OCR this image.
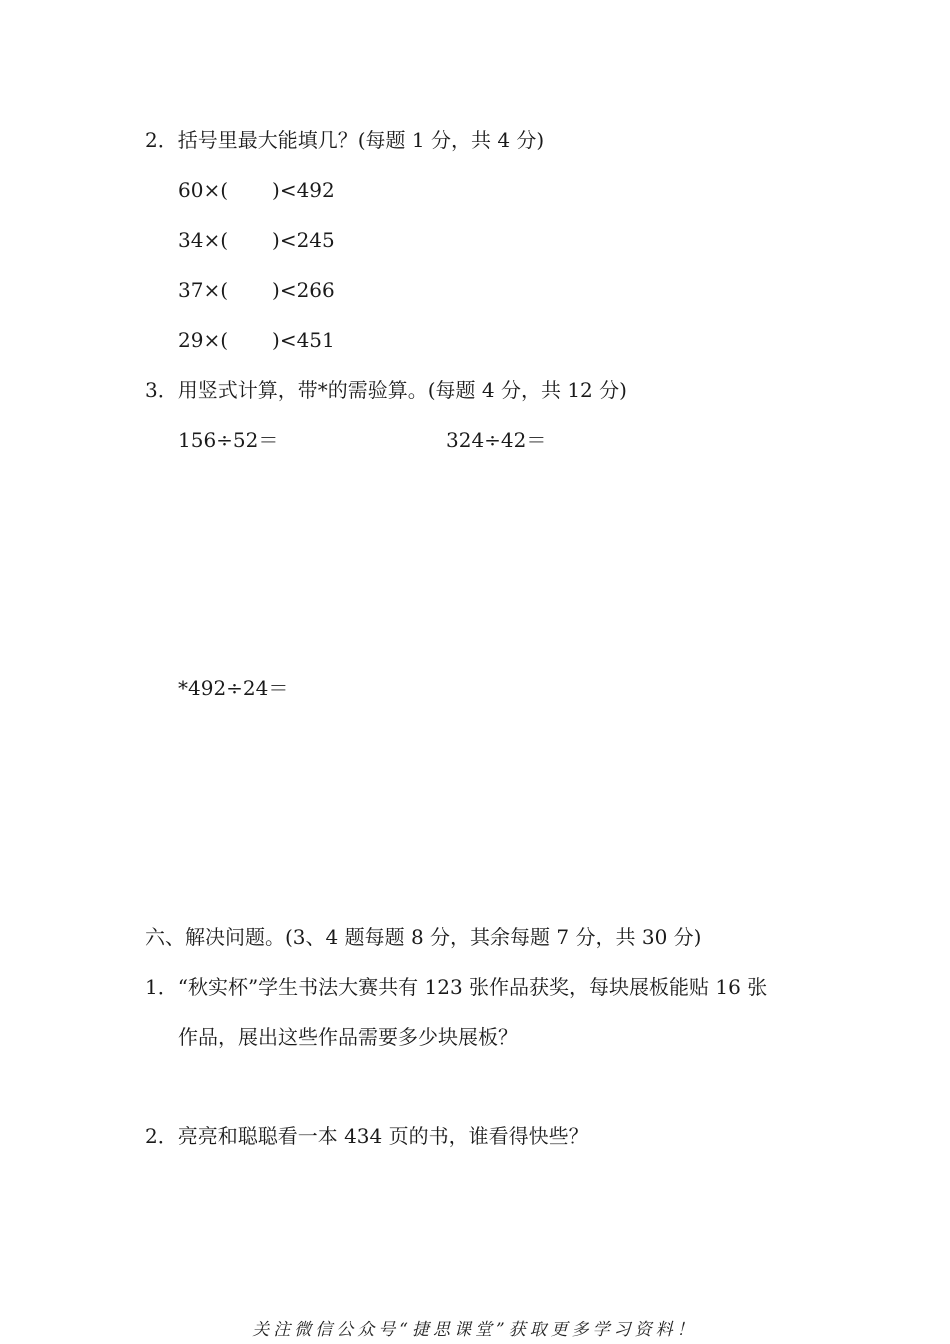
2．括号里最大能填几？(每题 1 分，共 4 分)
60×( )<492
34×( )<245
37×( )<266
29×( )<451
3．用竖式计算，带*的需验算。(每题 4 分，共 12 分)
156÷52＝	324÷42＝
*492÷24＝
六、解决问题。(3、4 题每题 8 分，其余每题 7 分，共 30 分)
1．“秋实杯”学生书法大赛共有 123 张作品获奖，每块展板能贴 16 张
作品，展出这些作品需要多少块展板？
2．亮亮和聪聪看一本 434 页的书，谁看得快些？
关注微信公众号“捷思课堂”获取更多学习资料！
